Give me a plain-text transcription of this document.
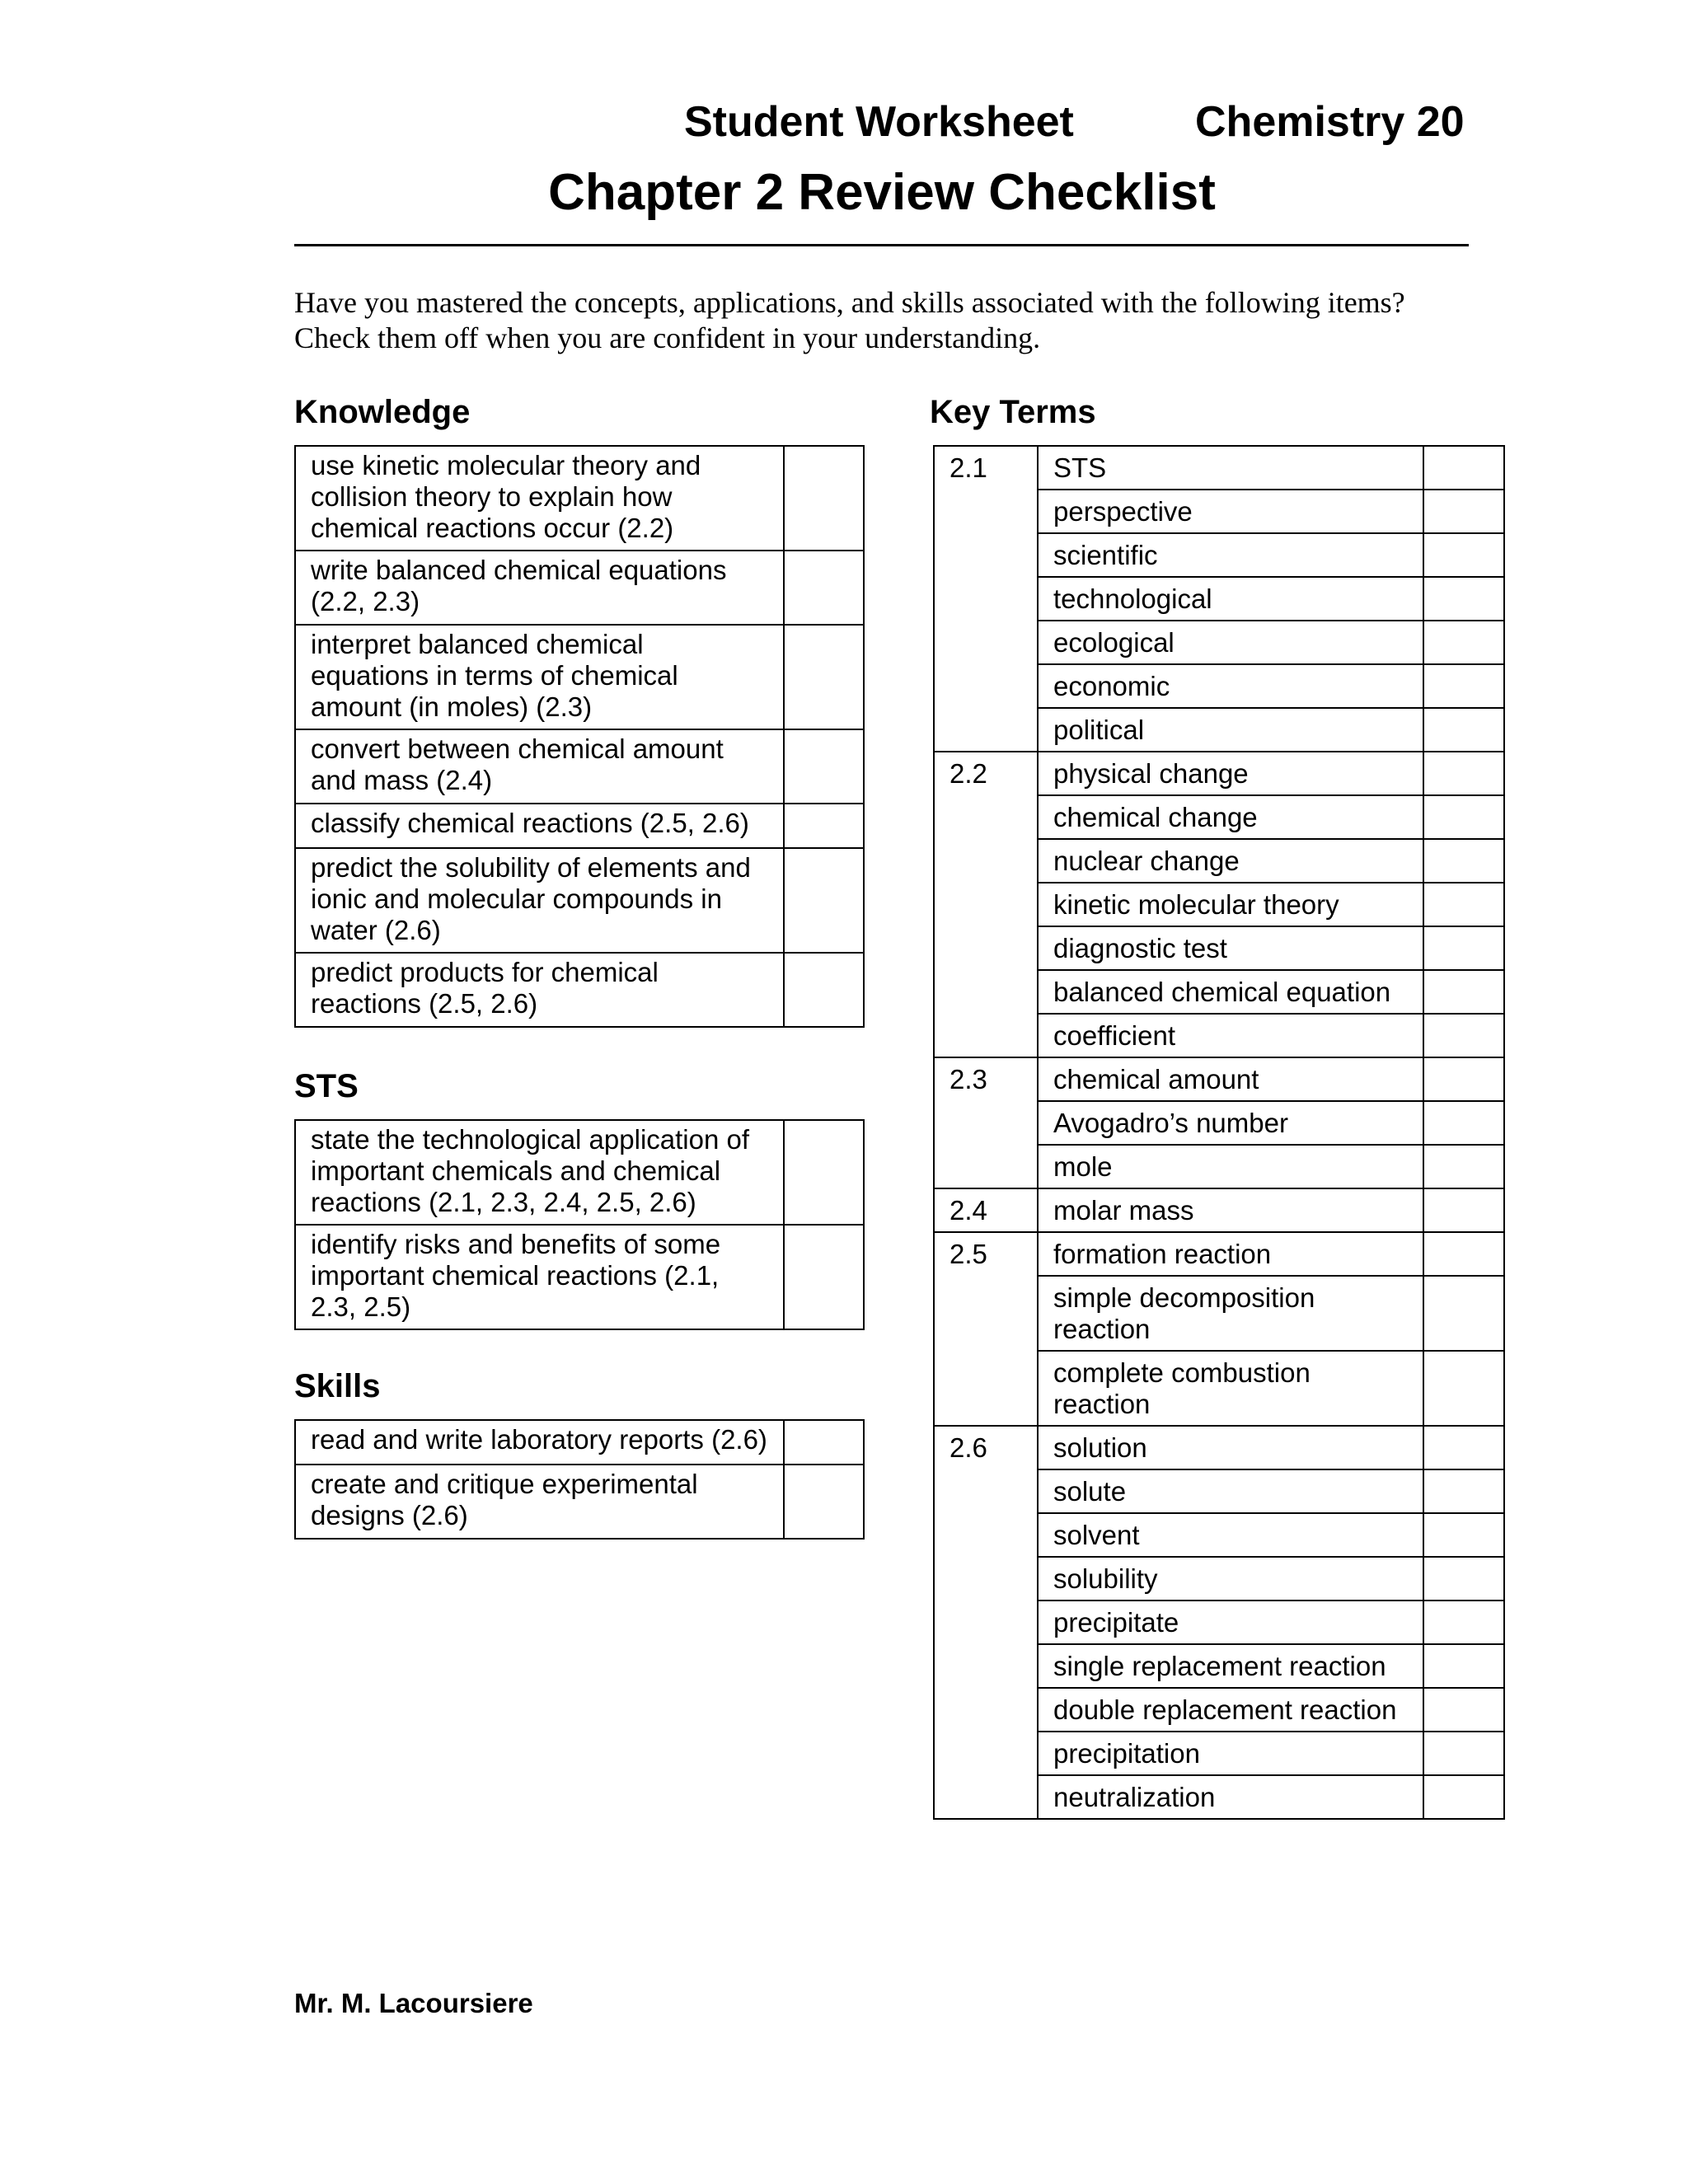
Student Worksheet	Chemistry 20
Chapter 2 Review Checklist

Have you mastered the concepts, applications, and skills associated with the following items?

Check them off when you are confident in your understanding.

Knowledge
use kinetic molecular theory and collision theory to explain how chemical reactions occur (2.2)	
write balanced chemical equations (2.2, 2.3)	
interpret balanced chemical equations in terms of chemical amount (in moles) (2.3)	
convert between chemical amount and mass (2.4)	
classify chemical reactions (2.5, 2.6)	
predict the solubility of elements and ionic and molecular compounds in water (2.6)	
predict products for chemical reactions (2.5, 2.6)	
STS
state the technological application of important chemicals and chemical reactions (2.1, 2.3, 2.4, 2.5, 2.6)	
identify risks and benefits of some important chemical reactions (2.1, 2.3, 2.5)	
Skills
read and write laboratory reports (2.6)	
create and critique experimental designs (2.6)	
Key Terms
2.1	STS	
	perspective	
	scientific	
	technological	
	ecological	
	economic	
	political	
2.2	physical change	
	chemical change	
	nuclear change	
	kinetic molecular theory	
	diagnostic test	
	balanced chemical equation	
	coefficient	
2.3	chemical amount	
	Avogadro’s number	
	mole	
2.4	molar mass	
2.5	formation reaction	
	simple decomposition reaction	
	complete combustion reaction	
2.6	solution	
	solute	
	solvent	
	solubility	
	precipitate	
	single replacement reaction	
	double replacement reaction	
	precipitation	
	neutralization	
Mr. M. Lacoursiere
